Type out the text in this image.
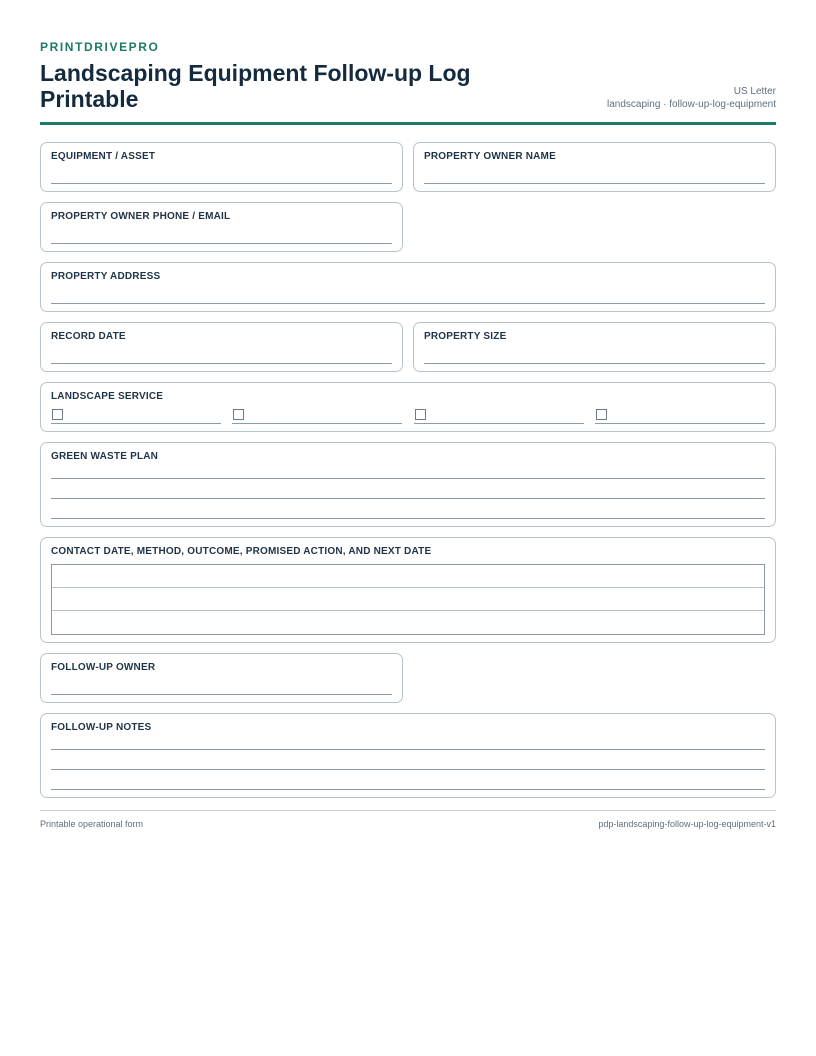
PRINTDRIVEPRO
Landscaping Equipment Follow-up Log Printable	US Letter
landscaping · follow-up-log-equipment
EQUIPMENT / ASSET	PROPERTY OWNER NAME
PROPERTY OWNER PHONE / EMAIL
PROPERTY ADDRESS
RECORD DATE	PROPERTY SIZE
LANDSCAPE SERVICE
GREEN WASTE PLAN
CONTACT DATE, METHOD, OUTCOME, PROMISED ACTION, AND NEXT DATE
FOLLOW-UP OWNER
FOLLOW-UP NOTES
Printable operational form	pdp-landscaping-follow-up-log-equipment-v1
